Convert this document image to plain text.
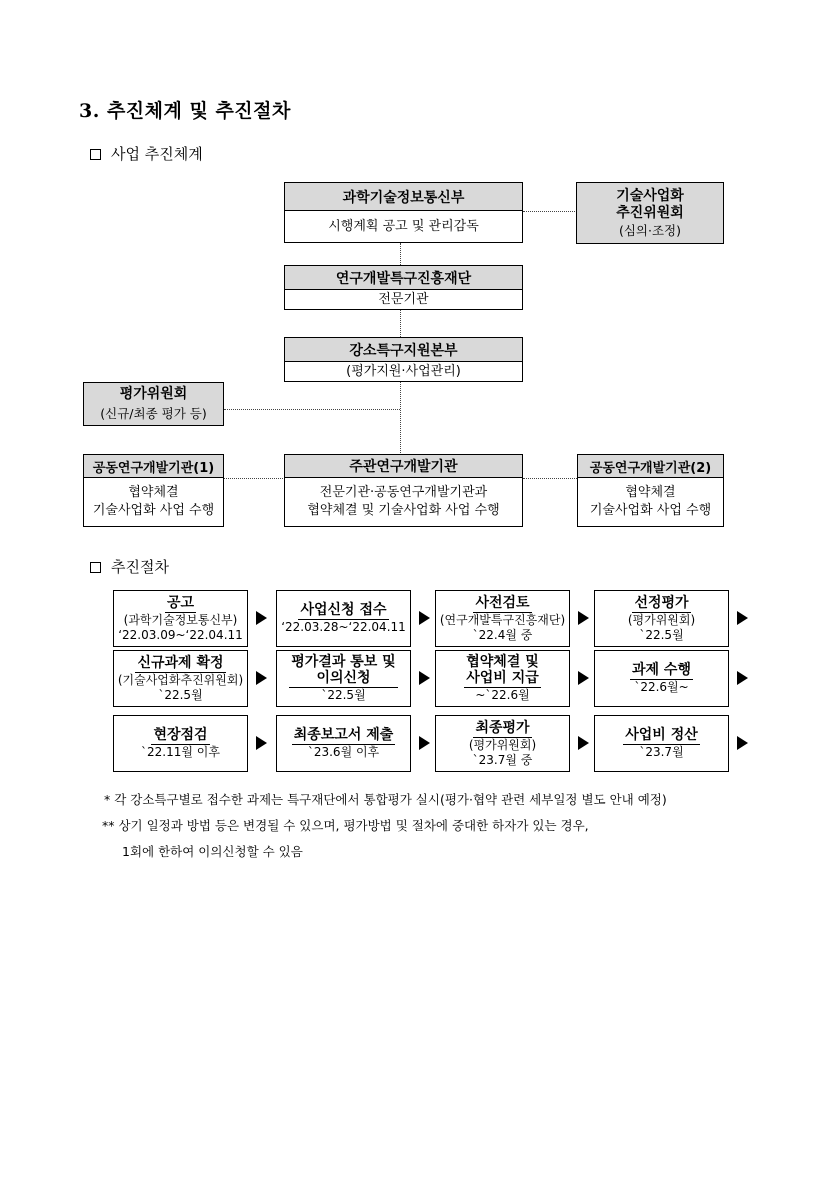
3. 추진체계 및 추진절차
사업 추진체계
과학기술정보통신부
시행계획 공고 및 관리감독
기술사업화
추진위원회
(심의·조정)
연구개발특구진흥재단
전문기관
강소특구지원본부
(평가지원·사업관리)
평가위원회
(신규/최종 평가 등)
공동연구개발기관(1)
협약체결
기술사업화 사업 수행
주관연구개발기관
전문기관·공동연구개발기관과
협약체결 및 기술사업화 사업 수행
공동연구개발기관(2)
협약체결
기술사업화 사업 수행
추진절차
공고
(과학기술정보통신부)
‘22.03.09~‘22.04.11
사업신청 접수
‘22.03.28~‘22.04.11
사전검토
(연구개발특구진흥재단)
`22.4월 중
선정평가
(평가위원회)
`22.5월
신규과제 확정
(기술사업화추진위원회)
`22.5월
평가결과 통보 및
이의신청
`22.5월
협약체결 및
사업비 지급
~`22.6월
과제 수행
`22.6월~
현장점검
`22.11월 이후
최종보고서 제출
`23.6월 이후
최종평가
(평가위원회)
`23.7월 중
사업비 정산
`23.7월
* 각 강소특구별로 접수한 과제는 특구재단에서 통합평가 실시(평가·협약 관련 세부일정 별도 안내 예정)
** 상기 일정과 방법 등은 변경될 수 있으며, 평가방법 및 절차에 중대한 하자가 있는 경우,
1회에 한하여 이의신청할 수 있음
